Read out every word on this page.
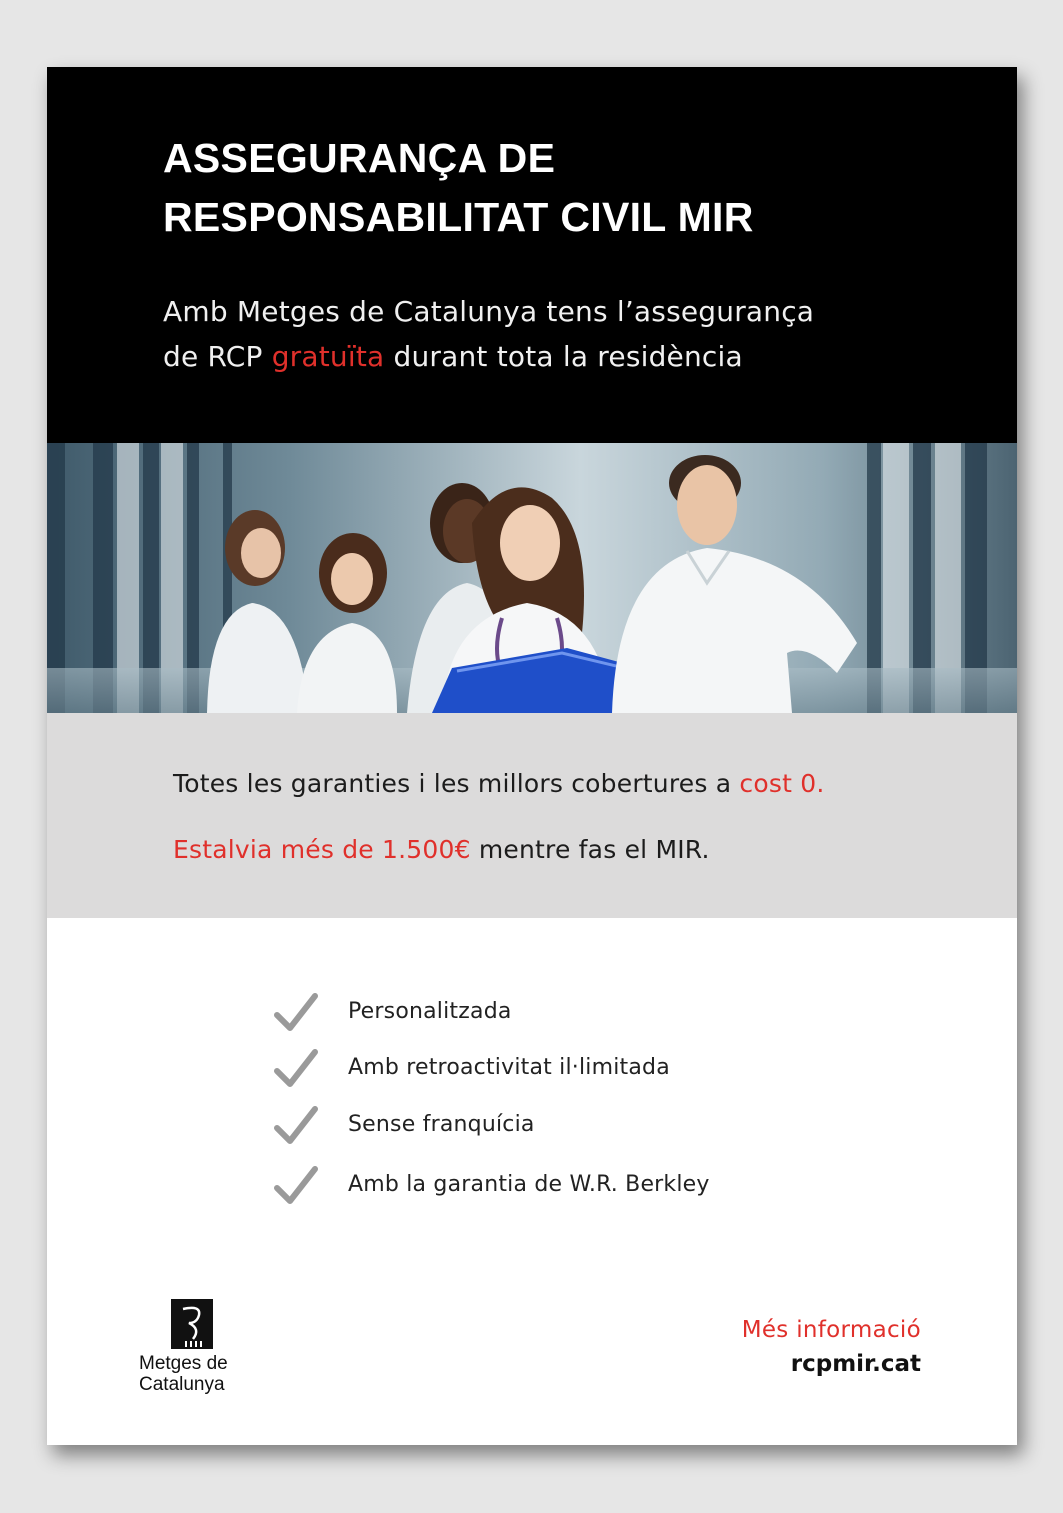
ASSEGURANÇA DE
RESPONSABILITAT CIVIL MIR

Amb Metges de Catalunya tens l’assegurança
de RCP gratuïta durant tota la residència

Totes les garanties i les millors cobertures a cost 0.

Estalvia més de 1.500€ mentre fas el MIR.

Personalitzada
Amb retroactivitat il·limitada
Sense franquícia
Amb la garantia de W.R. Berkley
Metges de
Catalunya
Més informació
rcpmir.cat
